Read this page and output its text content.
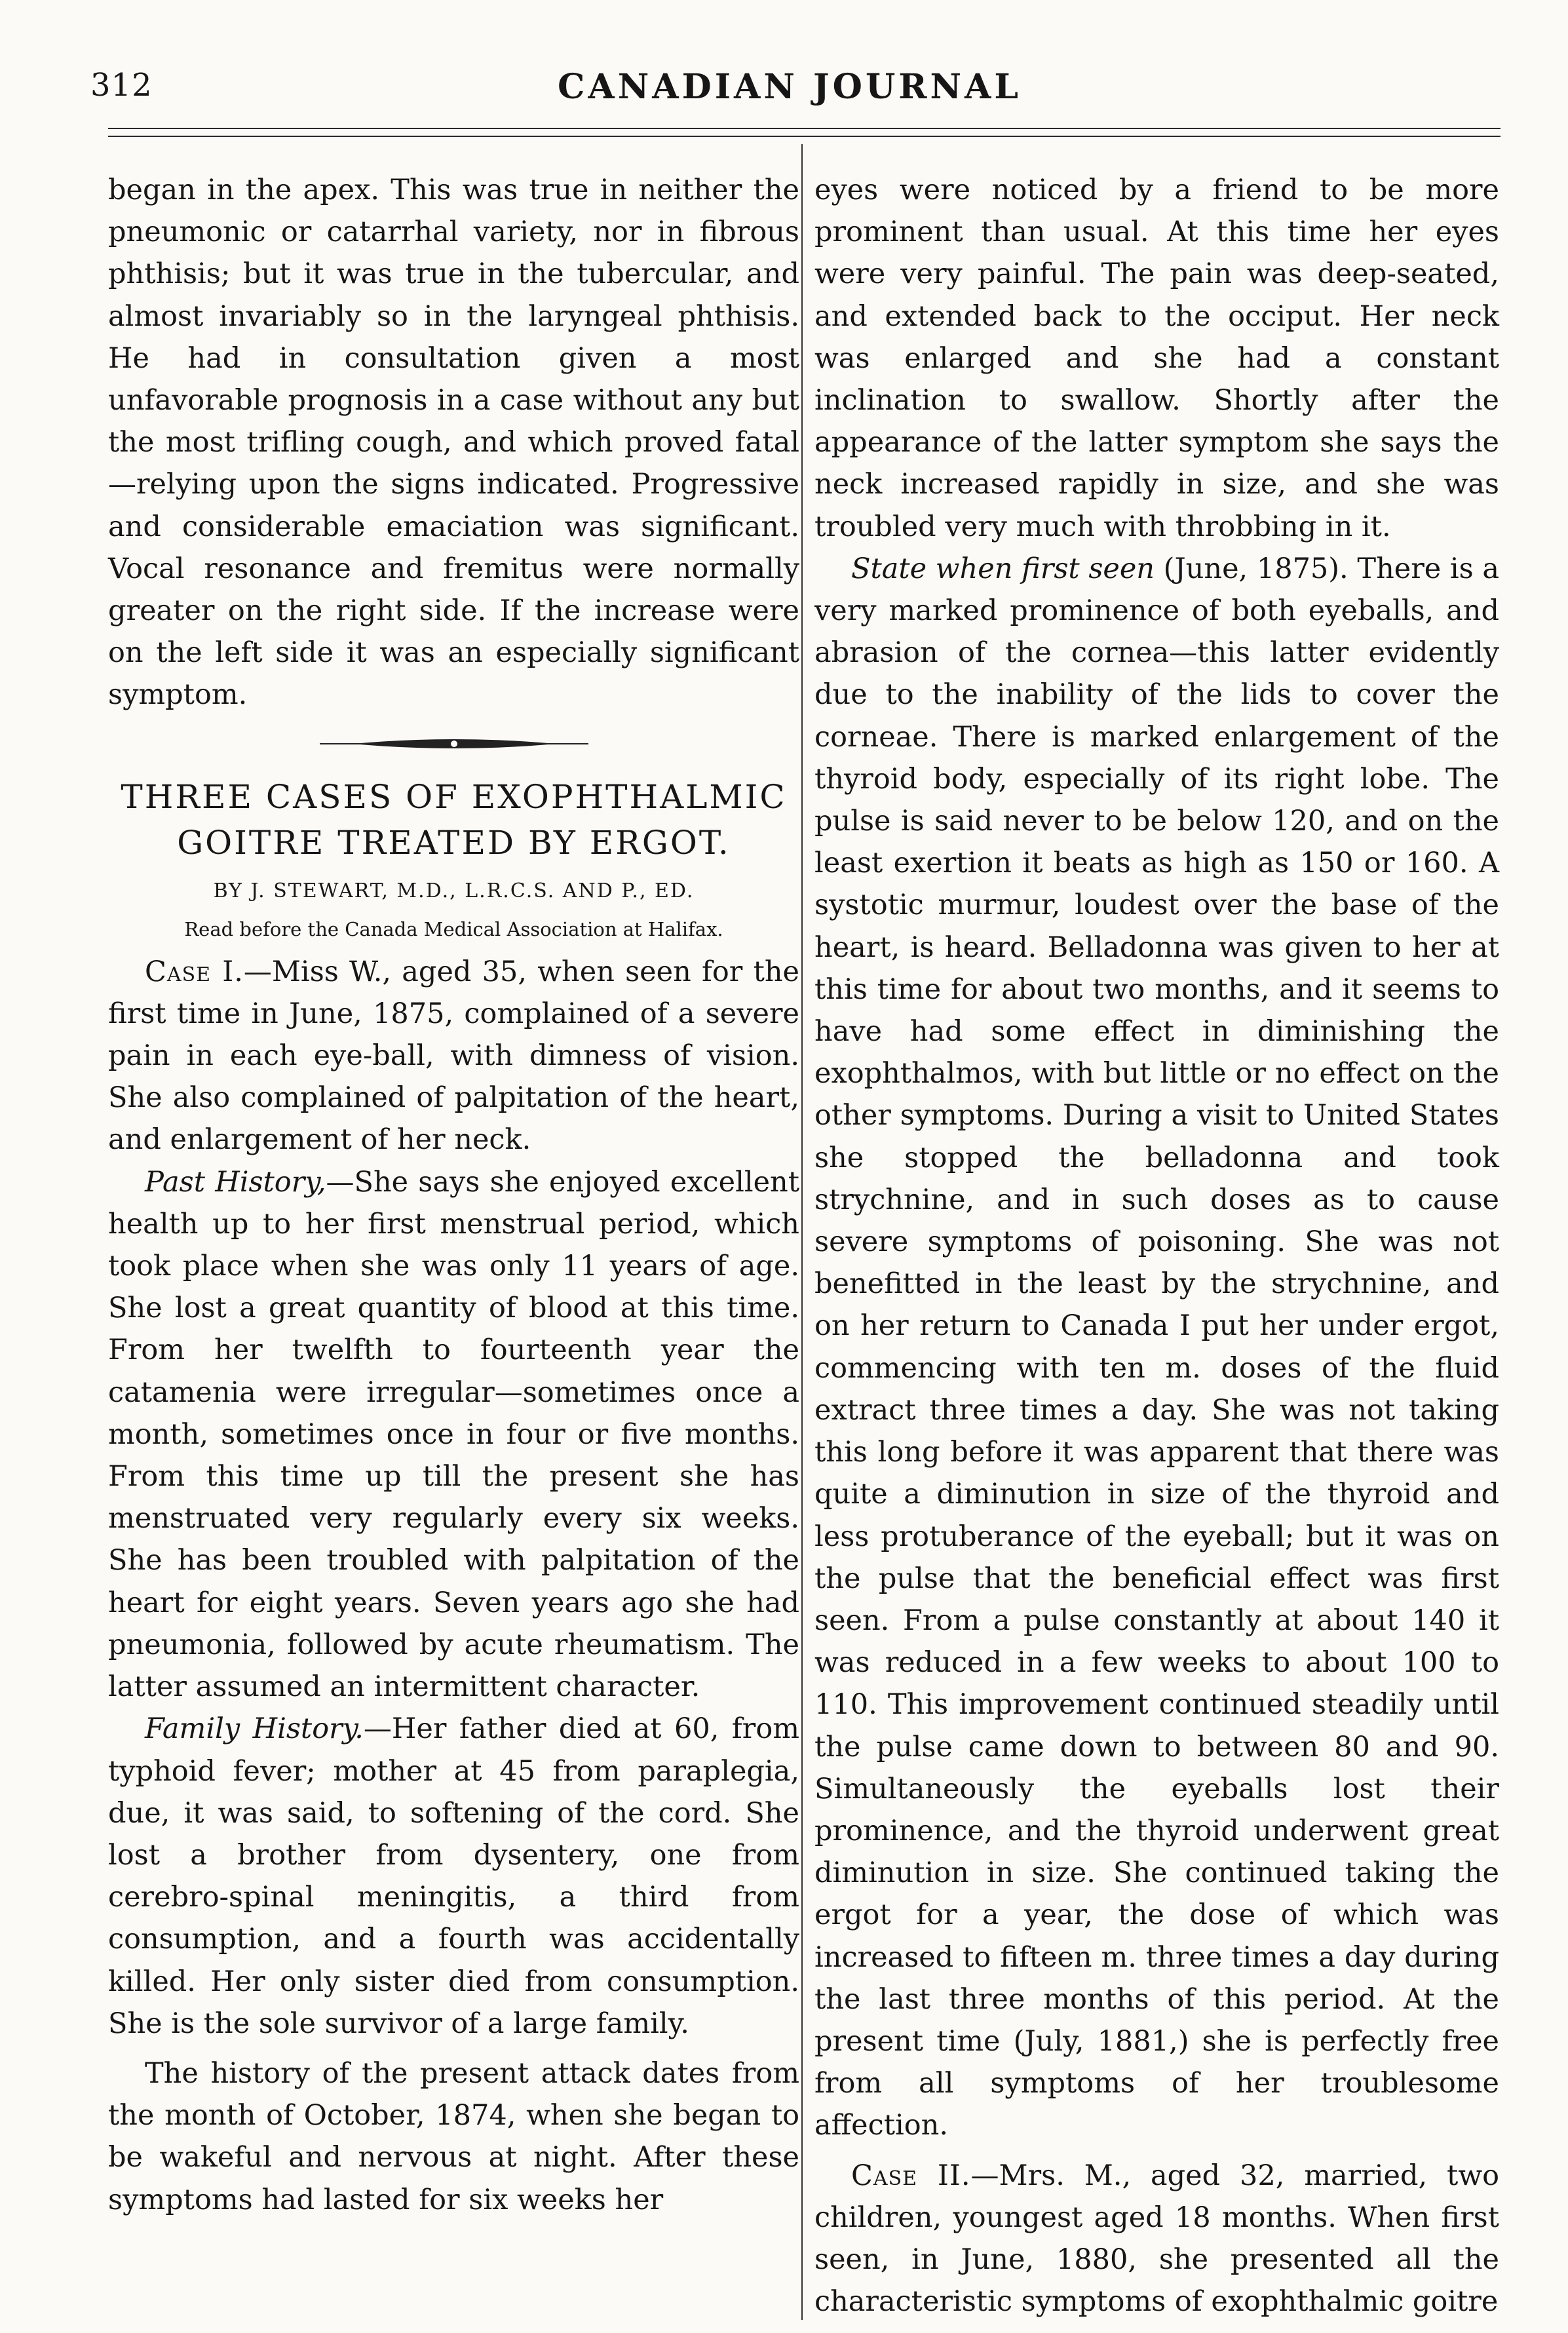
312	CANADIAN JOURNAL

began in the apex. This was true in neither the pneumonic or catarrhal variety, nor in fibrous phthisis; but it was true in the tubercular, and almost invariably so in the laryngeal phthisis. He had in consultation given a most unfavorable prognosis in a case without any but the most trifling cough, and which proved fatal—relying upon the signs indicated. Progressive and considerable emaciation was significant. Vocal resonance and fremitus were normally greater on the right side. If the increase were on the left side it was an especially significant symptom.

THREE CASES OF EXOPHTHALMIC GOITRE TREATED BY ERGOT.
BY J. STEWART, M.D., L.R.C.S. AND P., ED.
Read before the Canada Medical Association at Halifax.

Case I.—Miss W., aged 35, when seen for the first time in June, 1875, complained of a severe pain in each eye-ball, with dimness of vision. She also complained of palpitation of the heart, and enlargement of her neck.

Past History,—She says she enjoyed excellent health up to her first menstrual period, which took place when she was only 11 years of age. She lost a great quantity of blood at this time. From her twelfth to fourteenth year the catamenia were irregular—sometimes once a month, sometimes once in four or five months. From this time up till the present she has menstruated very regularly every six weeks. She has been troubled with palpitation of the heart for eight years. Seven years ago she had pneumonia, followed by acute rheumatism. The latter assumed an intermittent character.

Family History.—Her father died at 60, from typhoid fever; mother at 45 from paraplegia, due, it was said, to softening of the cord. She lost a brother from dysentery, one from cerebro-spinal meningitis, a third from consumption, and a fourth was accidentally killed. Her only sister died from consumption. She is the sole survivor of a large family.

The history of the present attack dates from the month of October, 1874, when she began to be wakeful and nervous at night. After these symptoms had lasted for six weeks her

eyes were noticed by a friend to be more prominent than usual. At this time her eyes were very painful. The pain was deep-seated, and extended back to the occiput. Her neck was enlarged and she had a constant inclination to swallow. Shortly after the appearance of the latter symptom she says the neck increased rapidly in size, and she was troubled very much with throbbing in it.

State when first seen (June, 1875). There is a very marked prominence of both eyeballs, and abrasion of the cornea—this latter evidently due to the inability of the lids to cover the corneae. There is marked enlargement of the thyroid body, especially of its right lobe. The pulse is said never to be below 120, and on the least exertion it beats as high as 150 or 160. A systotic murmur, loudest over the base of the heart, is heard. Belladonna was given to her at this time for about two months, and it seems to have had some effect in diminishing the exophthalmos, with but little or no effect on the other symptoms. During a visit to United States she stopped the belladonna and took strychnine, and in such doses as to cause severe symptoms of poisoning. She was not benefitted in the least by the strychnine, and on her return to Canada I put her under ergot, commencing with ten m. doses of the fluid extract three times a day. She was not taking this long before it was apparent that there was quite a diminution in size of the thyroid and less protuberance of the eyeball; but it was on the pulse that the beneficial effect was first seen. From a pulse constantly at about 140 it was reduced in a few weeks to about 100 to 110. This improvement continued steadily until the pulse came down to between 80 and 90. Simultaneously the eyeballs lost their prominence, and the thyroid underwent great diminution in size. She continued taking the ergot for a year, the dose of which was increased to fifteen m. three times a day during the last three months of this period. At the present time (July, 1881,) she is perfectly free from all symptoms of her troublesome affection.

Case II.—Mrs. M., aged 32, married, two children, youngest aged 18 months. When first seen, in June, 1880, she presented all the characteristic symptoms of exophthalmic goitre
